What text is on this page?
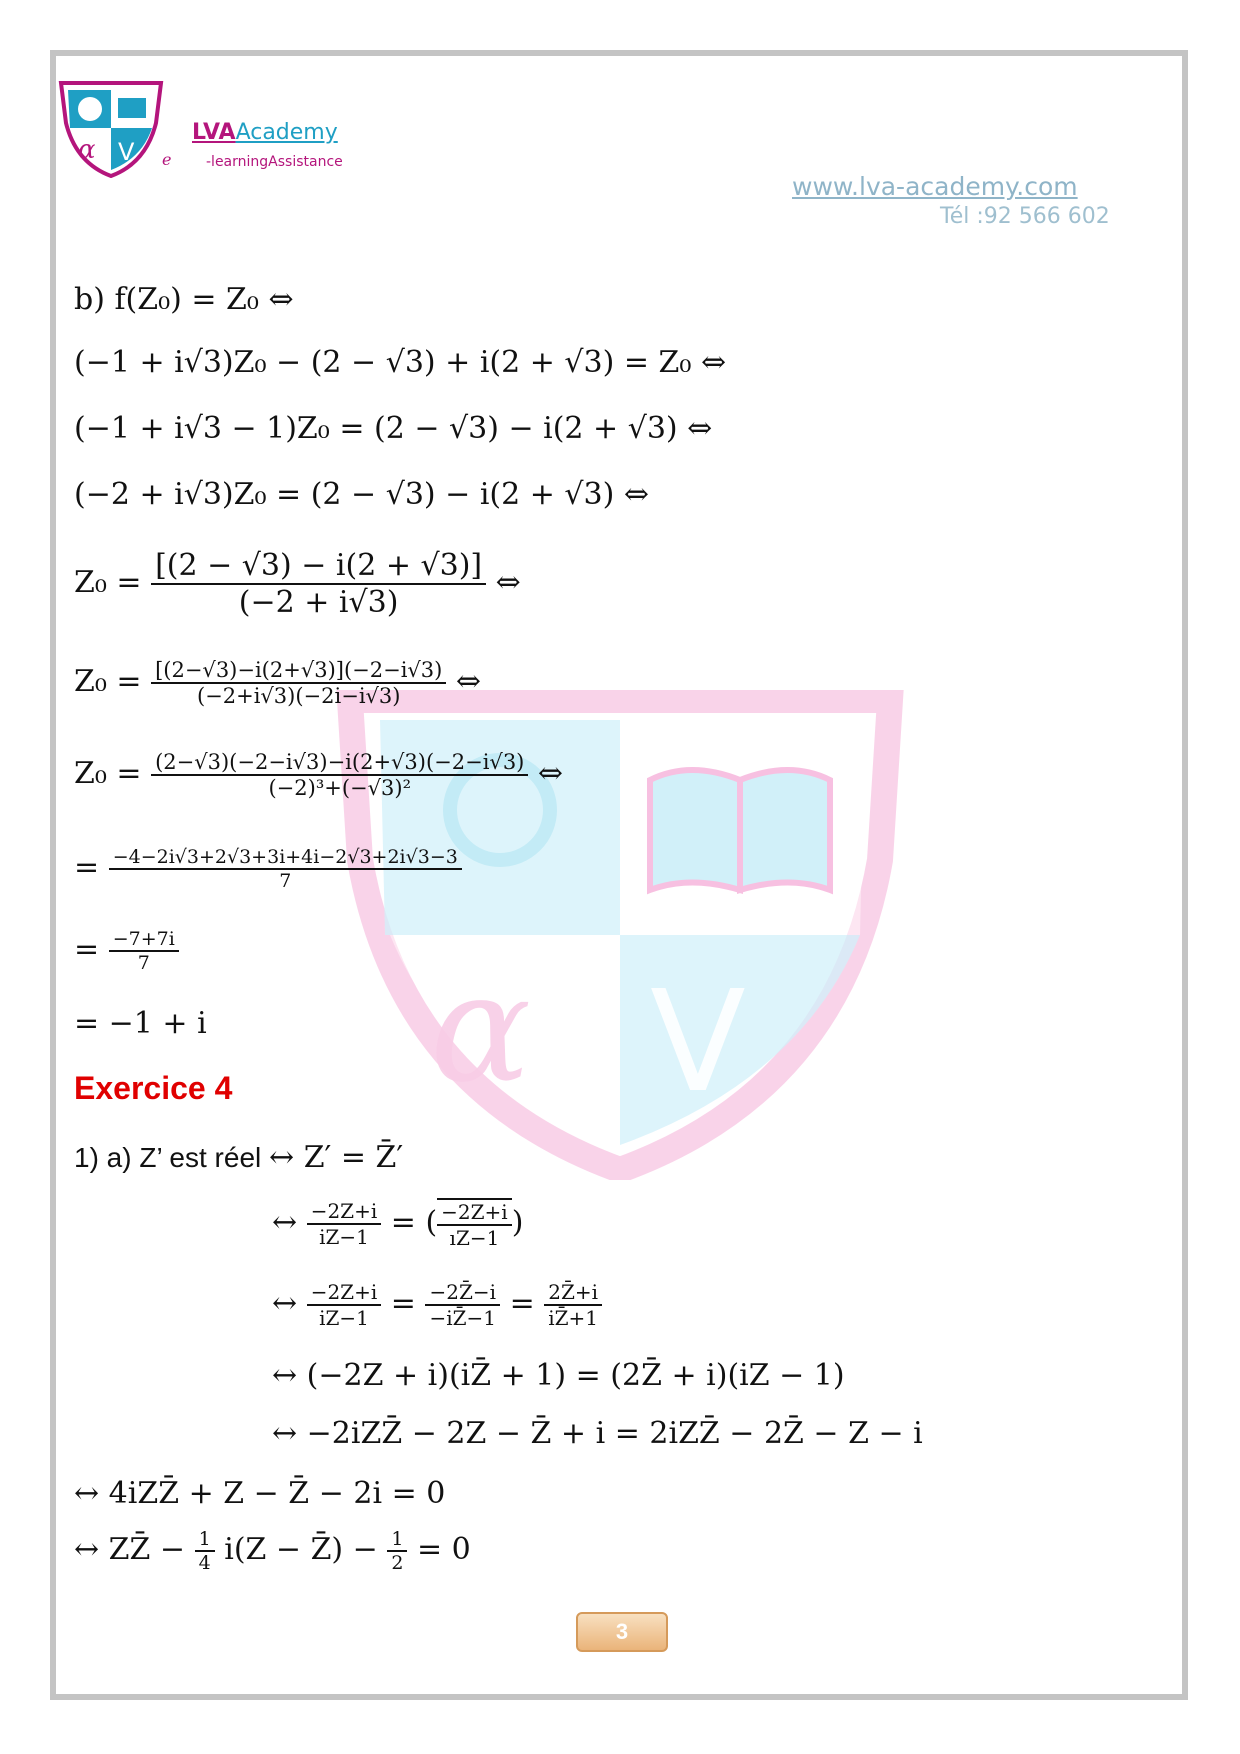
α V e
LVAAcademy
-learningAssistance
www.lva-academy.com
Tél :92 566 602
α V
b) f(Z₀) = Z₀ ⇔
(−1 + i√3)Z₀ − (2 − √3) + i(2 + √3) = Z₀ ⇔
(−1 + i√3 − 1)Z₀ = (2 − √3) − i(2 + √3) ⇔
(−2 + i√3)Z₀ = (2 − √3) − i(2 + √3) ⇔
$Z_0 = \frac{[(2 - √3) - i(2 + √3)]}{(-2 + i√3)}$ ⇔
$Z_0 = \frac{[(2-√3)-i(2+√3)](-2-i√3)}{(-2+i√3)(-2i-i√3)}$ ⇔
$Z_0 = \frac{(2-√3)(-2-i√3)-i(2+√3)(-2-i√3)}{\text{(−2)³+(−√3)²}}$ ⇔
= $\frac{-4-2i√3+2√3+3i+4i-2√3+2i√3-3}{7}$
= $\frac{-7+7i}{7}$
= −1 + i
Exercice 4
1) a) Z’ est réel ↔ Z′ = Z̄′
↔ $\frac{-2Z+i}{iZ-1}$ = ( $\frac{-2Z+i}{ıZ-1}$ )
↔ $\frac{-2Z+i}{iZ-1} = \frac{-2Z̄-i}{-iZ̄-1} = \frac{2Z̄+i}{iZ̄+1}$
↔ (−2Z + i)(iZ̄ + 1) = (2Z̄ + i)(iZ − 1)
↔ −2iZZ̄ − 2Z − Z̄ + i = 2iZZ̄ − 2Z̄ − Z − i
↔ 4iZZ̄ + Z − Z̄ − 2i = 0
↔ ZZ̄ − $\frac{1}{4} i(Z$ − Z̄) − $\frac{1}{2} = 0$
3
